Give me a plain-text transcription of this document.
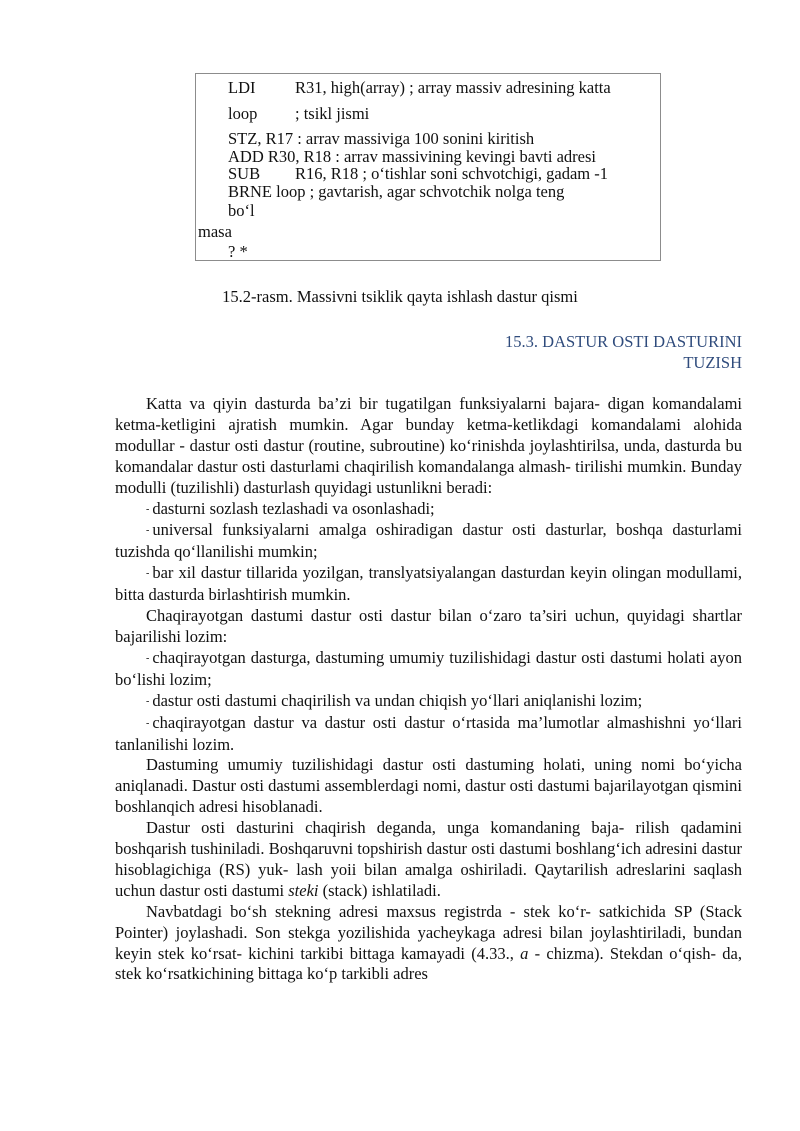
LDI R31, high(array) ; array massiv adresining katta
loop ; tsikl jismi
STZ, R17 : arrav massiviga 100 sonini kiritish
ADD R30, R18 : arrav massivining kevingi bavti adresi
SUB R16, R18 ; o‘tishlar soni schvotchigi, gadam -1
BRNE loop ; gavtarish, agar schvotchik nolga teng
bo‘l
masa
? *
15.2-rasm. Massivni tsiklik qayta ishlash dastur qismi
15.3. DASTUR OSTI DASTURINI
TUZISH

Katta va qiyin dasturda ba’zi bir tugatilgan funksiyalarni bajara- digan komandalami ketma-ketligini ajratish mumkin. Agar bunday ketma-ketlikdagi komandalami alohida modullar - dastur osti dastur (routine, subroutine) ko‘rinishda joylashtirilsa, unda, dasturda bu komandalar dastur osti dasturlami chaqirilish komandalanga almash- tirilishi mumkin. Bunday modulli (tuzilishli) dasturlash quyidagi ustunlikni beradi:

- dasturni sozlash tezlashadi va osonlashadi;

- universal funksiyalarni amalga oshiradigan dastur osti dasturlar, boshqa dasturlami tuzishda qo‘llanilishi mumkin;

- bar xil dastur tillarida yozilgan, translyatsiyalangan dasturdan keyin olingan modullami, bitta dasturda birlashtirish mumkin.

Chaqirayotgan dastumi dastur osti dastur bilan o‘zaro ta’siri uchun, quyidagi shartlar bajarilishi lozim:

- chaqirayotgan dasturga, dastuming umumiy tuzilishidagi dastur osti dastumi holati ayon bo‘lishi lozim;

- dastur osti dastumi chaqirilish va undan chiqish yo‘llari aniqlanishi lozim;

- chaqirayotgan dastur va dastur osti dastur o‘rtasida ma’lumotlar almashishni yo‘llari tanlanilishi lozim.

Dastuming umumiy tuzilishidagi dastur osti dastuming holati, uning nomi bo‘yicha aniqlanadi. Dastur osti dastumi assemblerdagi nomi, dastur osti dastumi bajarilayotgan qismini boshlanqich adresi hisoblanadi.

Dastur osti dasturini chaqirish deganda, unga komandaning baja- rilish qadamini boshqarish tushiniladi. Boshqaruvni topshirish dastur osti dastumi boshlang‘ich adresini dastur hisoblagichiga (RS) yuk- lash yoii bilan amalga oshiriladi. Qaytarilish adreslarini saqlash uchun dastur osti dastumi steki (stack) ishlatiladi.

Navbatdagi bo‘sh stekning adresi maxsus registrda - stek ko‘r- satkichida SP (Stack Pointer) joylashadi. Son stekga yozilishida yacheykaga adresi bilan joylashtiriladi, bundan keyin stek ko‘rsat- kichini tarkibi bittaga kamayadi (4.33., a - chizma). Stekdan o‘qish- da, stek ko‘rsatkichining bittaga ko‘p tarkibli adres
